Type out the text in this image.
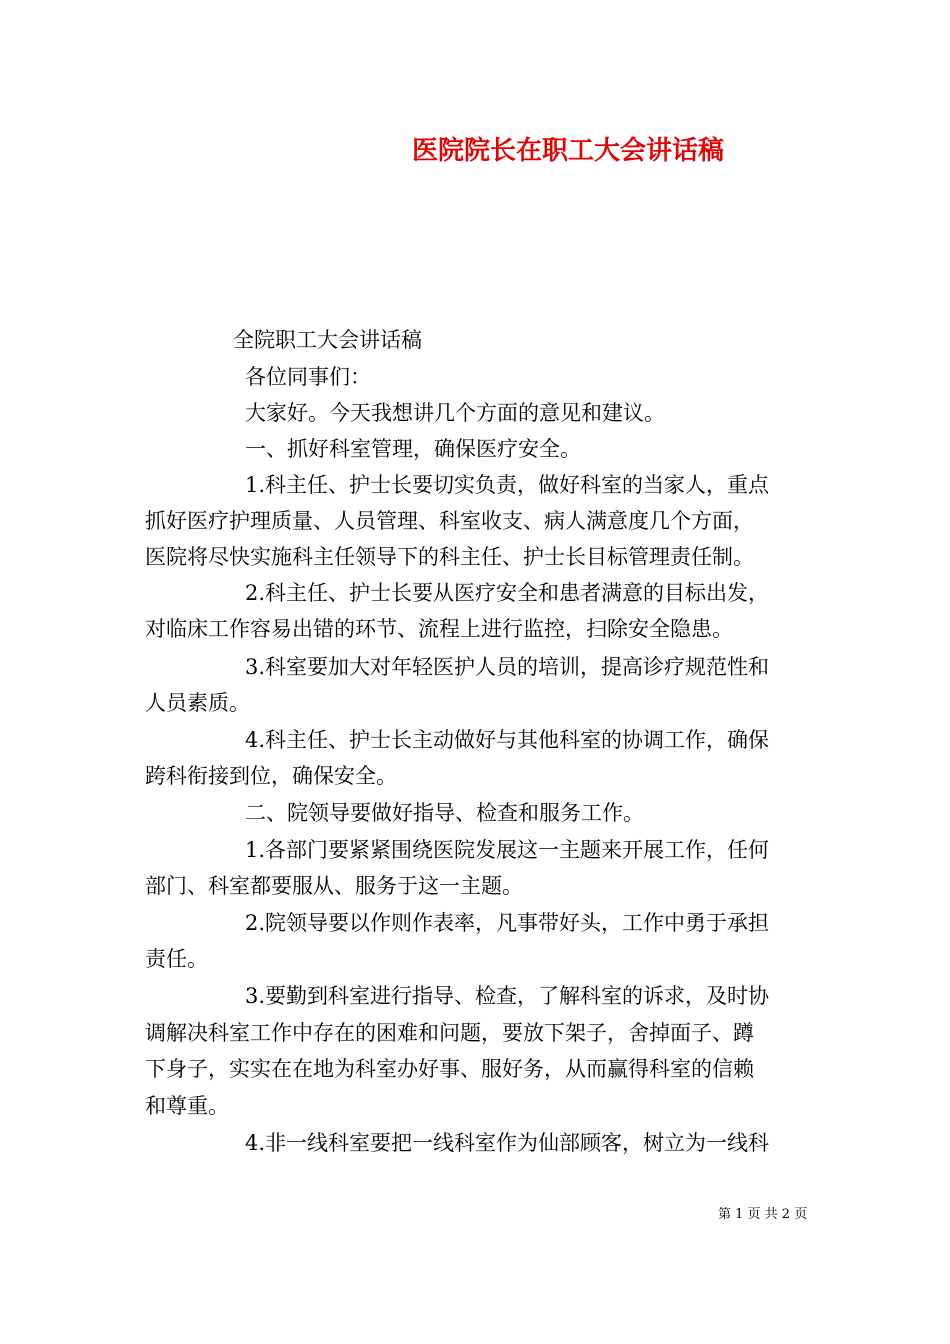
医院院长在职工大会讲话稿
全院职工大会讲话稿
各位同事们：
大家好。今天我想讲几个方面的意见和建议。
一、抓好科室管理，确保医疗安全。
1.科主任、护士长要切实负责，做好科室的当家人，重点
抓好医疗护理质量、人员管理、科室收支、病人满意度几个方面，
医院将尽快实施科主任领导下的科主任、护士长目标管理责任制。
2.科主任、护士长要从医疗安全和患者满意的目标出发，
对临床工作容易出错的环节、流程上进行监控，扫除安全隐患。
3.科室要加大对年轻医护人员的培训，提高诊疗规范性和
人员素质。
4.科主任、护士长主动做好与其他科室的协调工作，确保
跨科衔接到位，确保安全。
二、院领导要做好指导、检查和服务工作。
1.各部门要紧紧围绕医院发展这一主题来开展工作，任何
部门、科室都要服从、服务于这一主题。
2.院领导要以作则作表率，凡事带好头，工作中勇于承担
责任。
3.要勤到科室进行指导、检查，了解科室的诉求，及时协
调解决科室工作中存在的困难和问题，要放下架子，舍掉面子、蹲
下身子，实实在在地为科室办好事、服好务，从而赢得科室的信赖
和尊重。
4.非一线科室要把一线科室作为仙部顾客，树立为一线科
第 1 页 共 2 页
